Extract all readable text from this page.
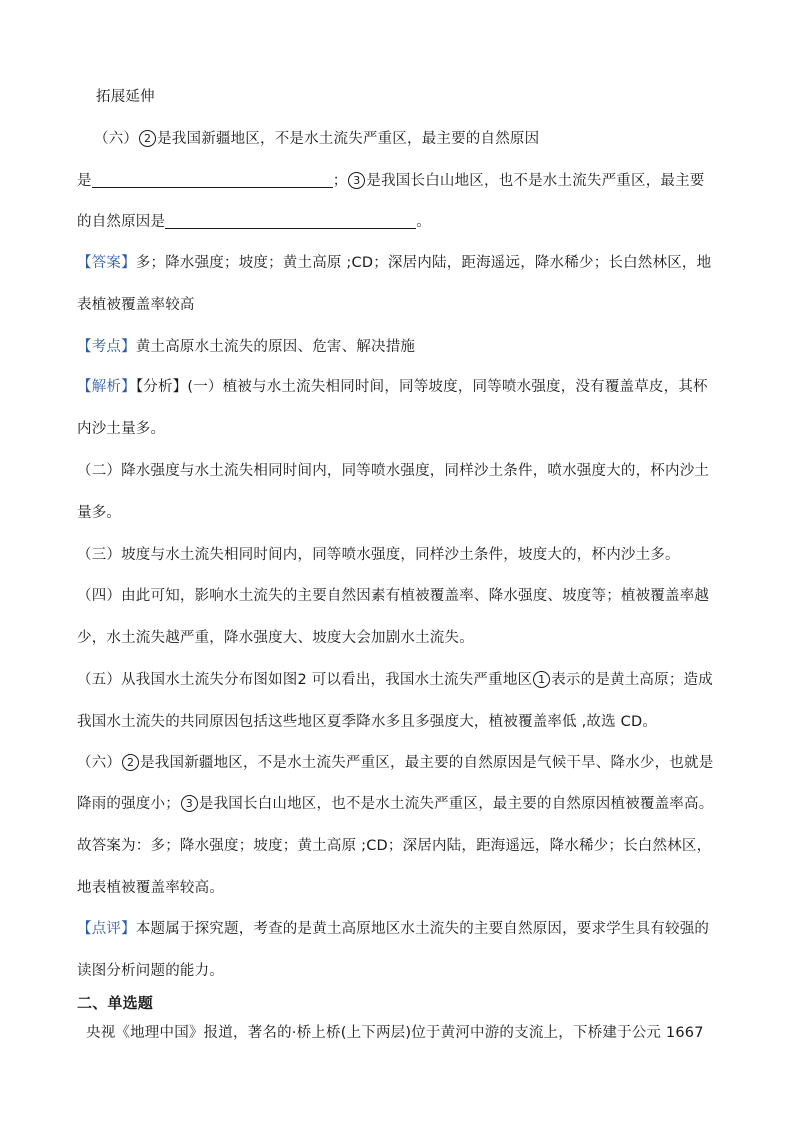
拓展延伸
（六） 2 是我国新疆地区，不是水土流失严重区，最主要的自然原因
是	； 3 是我国长白山地区，也不是水土流失严重区，最主要
的自然原因是	。
【答案】多；降水强度；坡度；黄土高原 ;CD；深居内陆，距海遥远，降水稀少；长白然林区，地
表植被覆盖率较高
【考点】黄土高原水土流失的原因、危害、解决措施
【解析】【分析】(一）植被与水土流失相同时间，同等坡度，同等喷水强度，没有覆盖草皮，其杯
内沙土量多。
（二）降水强度与水土流失相同时间内，同等喷水强度，同样沙土条件，喷水强度大的，杯内沙土
量多。
（三）坡度与水土流失相同时间内，同等喷水强度，同样沙土条件，坡度大的，杯内沙土多。
（四）由此可知，影响水土流失的主要自然因素有植被覆盖率、降水强度、坡度等；植被覆盖率越
少，水土流失越严重，降水强度大、坡度大会加剧水土流失。
（五）从我国水土流失分布图如图2 可以看出，我国水土流失严重地区 1 表示的是黄土高原；造成
我国水土流失的共同原因包括这些地区夏季降水多且多强度大，植被覆盖率低 ,故选 CD。
（六） 2 是我国新疆地区，不是水土流失严重区，最主要的自然原因是气候干旱、降水少，也就是
降雨的强度小； 3 是我国长白山地区，也不是水土流失严重区，最主要的自然原因植被覆盖率高。
故答案为：多；降水强度；坡度；黄土高原 ;CD；深居内陆，距海遥远，降水稀少；长白然林区，
地表植被覆盖率较高。
【点评】本题属于探究题，考查的是黄土高原地区水土流失的主要自然原因，要求学生具有较强的
读图分析问题的能力。
二、单选题
央视《地理中国》报道，著名的·桥上桥(上下两层)位于黄河中游的支流上，下桥建于公元 1667
